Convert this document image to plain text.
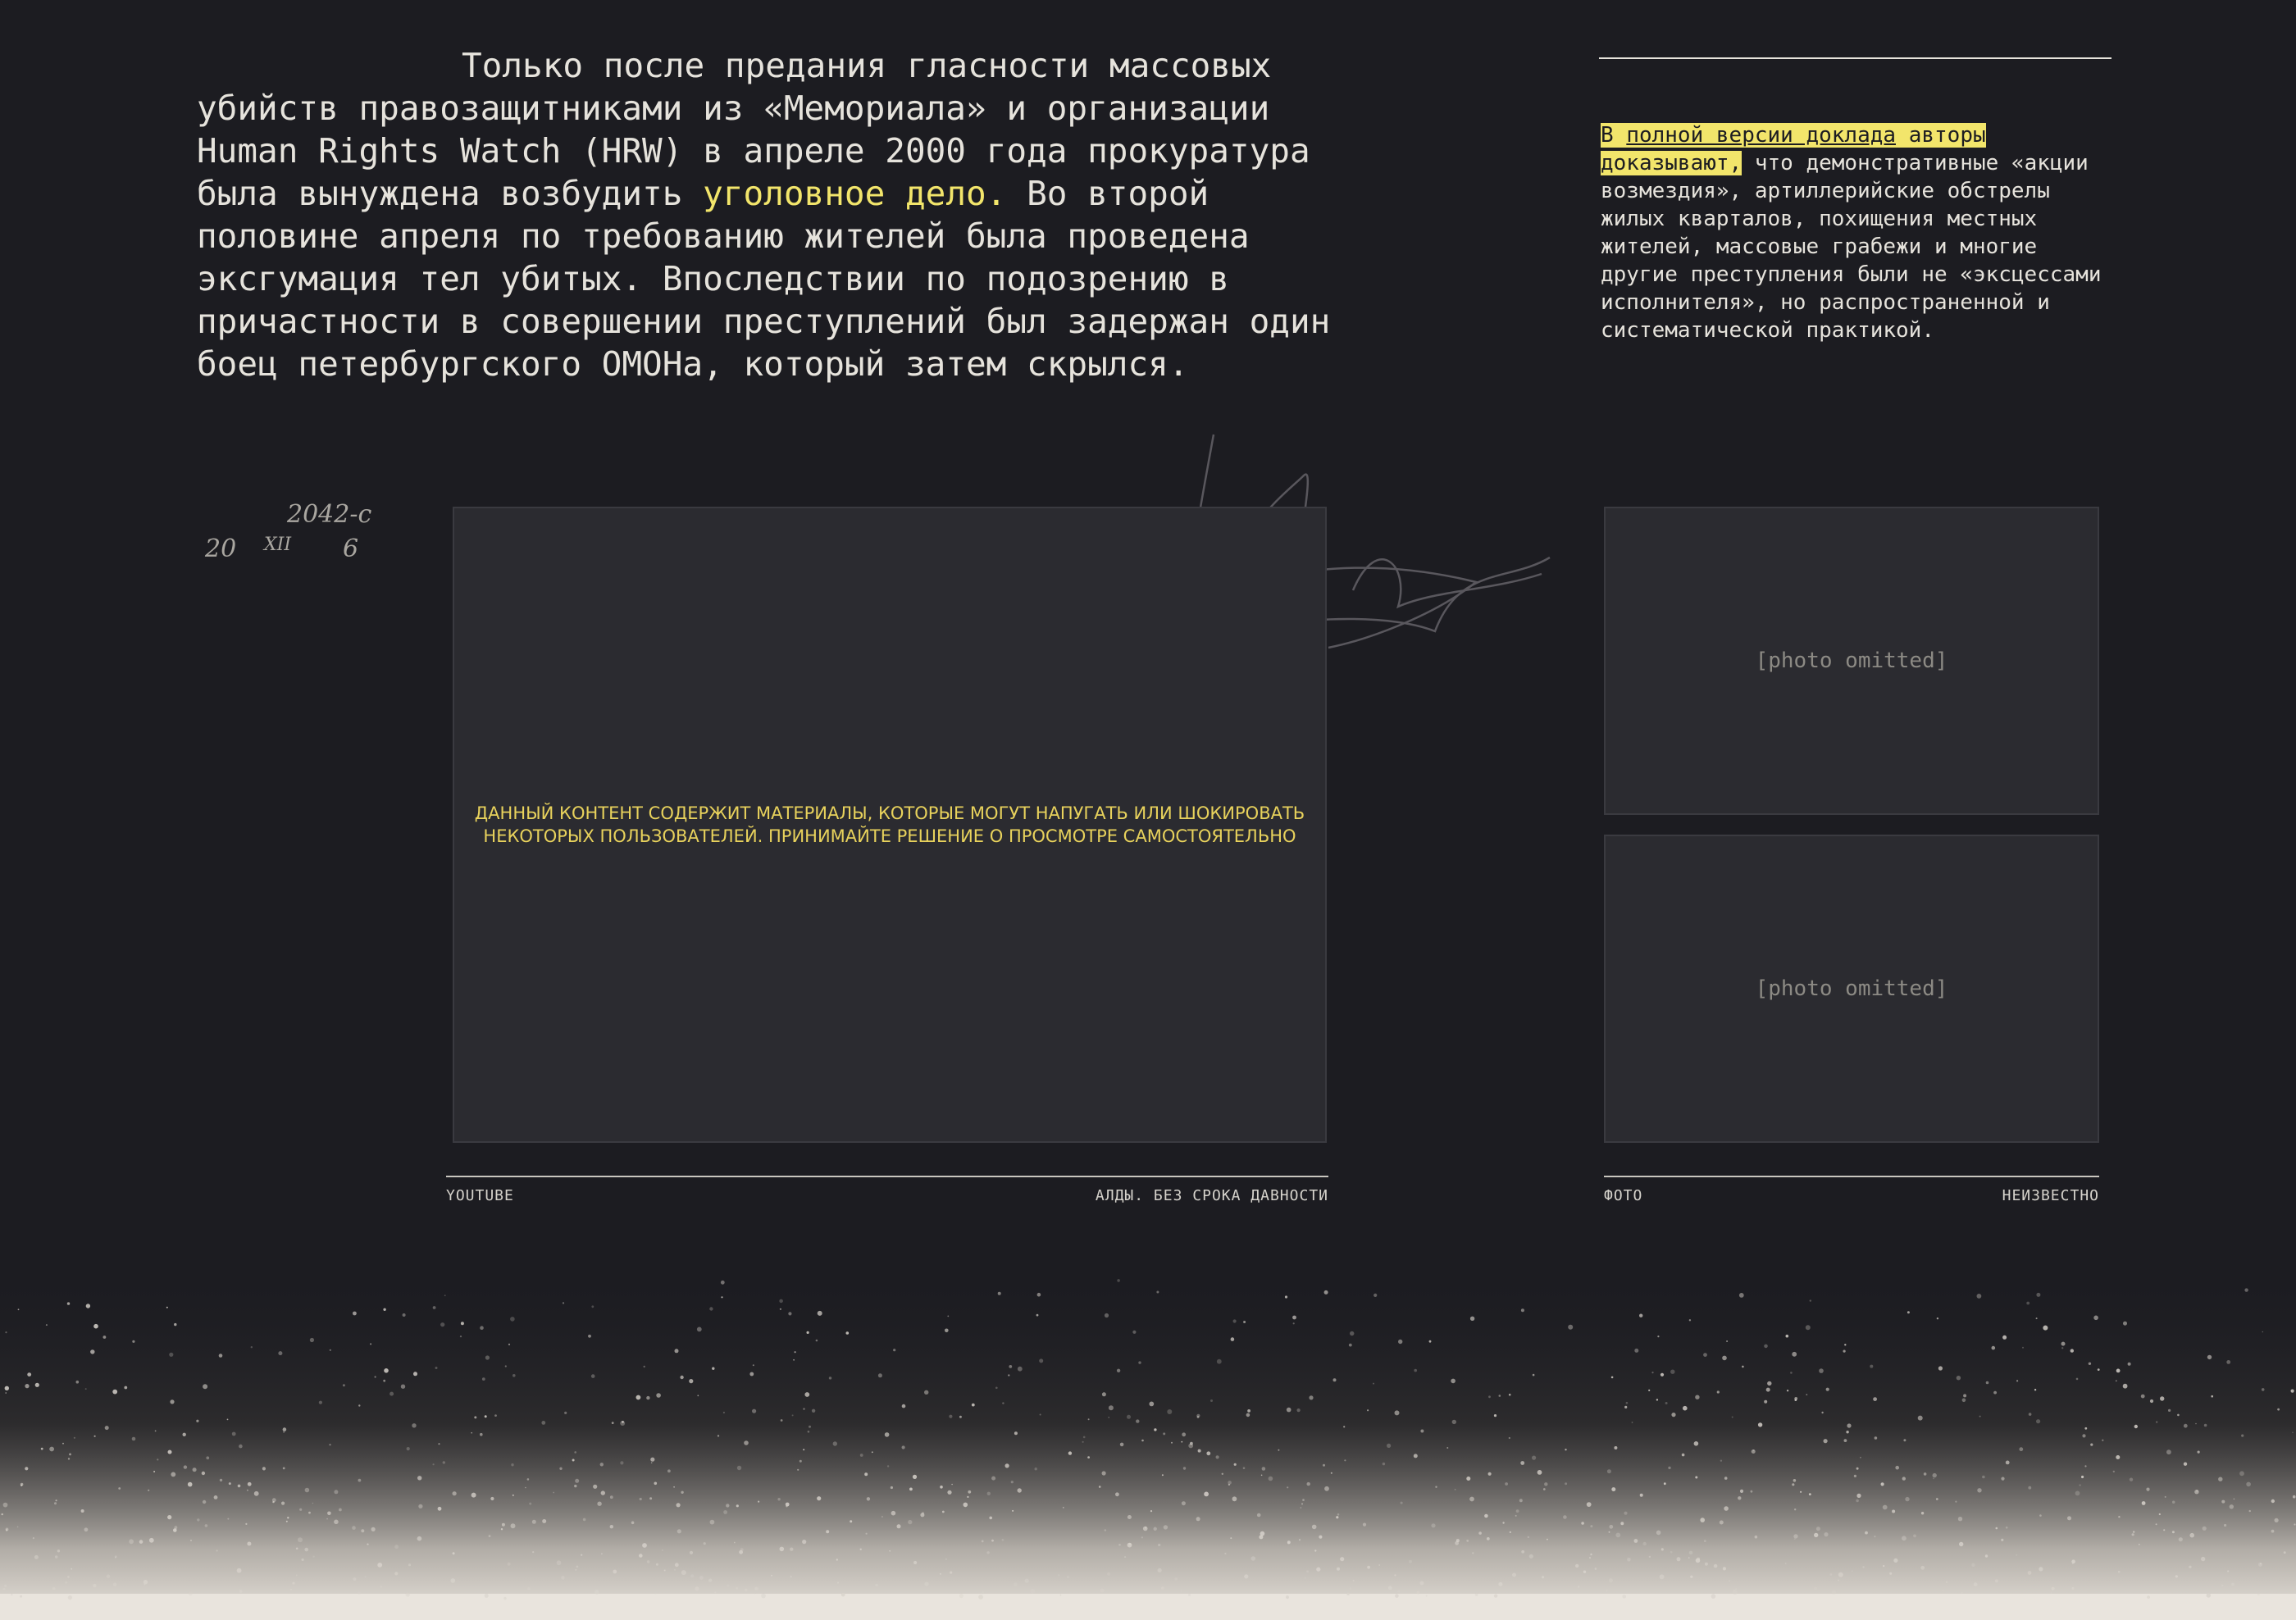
Только после предания гласности массовых убийств правозащитниками из «Мемориала» и организации Human Rights Watch (HRW) в апреле 2000 года прокуратура была вынуждена возбудить уголовное дело. Во второй половине апреля по требованию жителей была проведена эксгумация тел убитых. Впоследствии по подозрению в причастности в совершении преступлений был задержан один боец петербургского ОМОНа, который затем скрылся.

В полной версии доклада авторы доказывают, что демонстративные «акции возмездия», артиллерийские обстрелы жилых кварталов, похищения местных жителей, массовые грабежи и многие другие преступления были не «эксцессами исполнителя», но распространенной и систематической практикой.

2042-с
20 XII 6
ДАННЫЙ КОНТЕНТ СОДЕРЖИТ МАТЕРИАЛЫ, КОТОРЫЕ МОГУТ НАПУГАТЬ ИЛИ ШОКИРОВАТЬ НЕКОТОРЫХ ПОЛЬЗОВАТЕЛЕЙ. ПРИНИМАЙТЕ РЕШЕНИЕ О ПРОСМОТРЕ САМОСТОЯТЕЛЬНО
YOUTUBE	АЛДЫ. БЕЗ СРОКА ДАВНОСТИ
[photo omitted]
[photo omitted]
ФОТО	НЕИЗВЕСТНО
